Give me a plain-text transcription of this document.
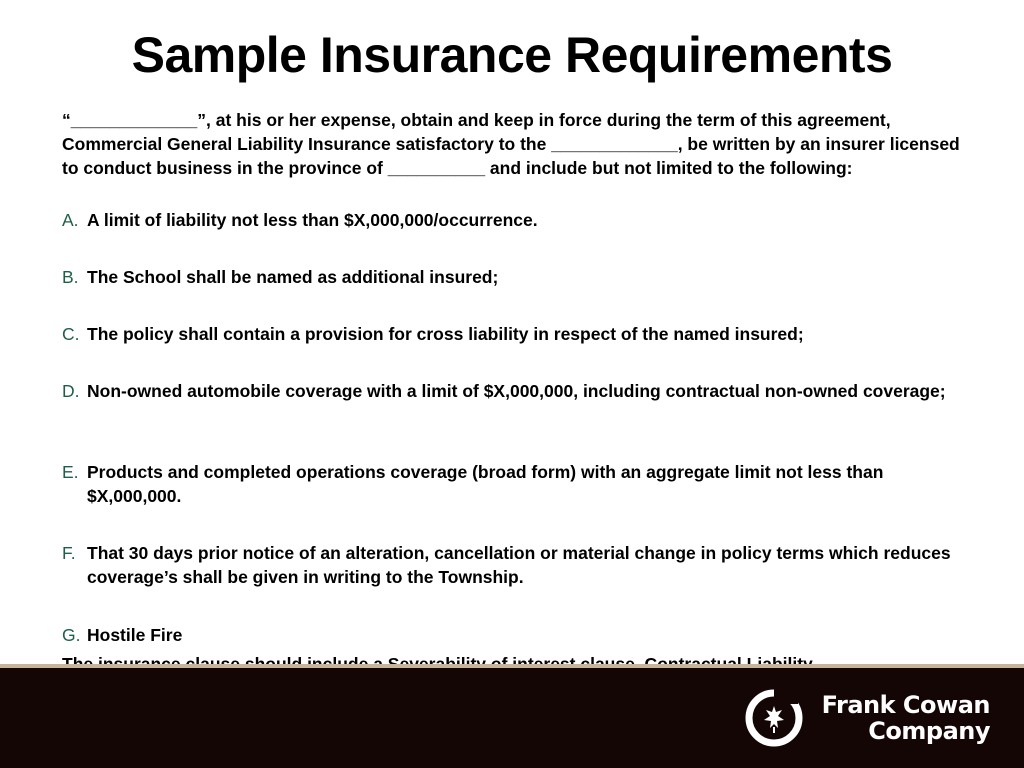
Sample Insurance Requirements
“_____________”, at his or her expense, obtain and keep in force during the term of this agreement, Commercial General Liability Insurance satisfactory to the _____________, be written by an insurer licensed to conduct business in the province of __________ and include but not limited to the following:
A. A limit of liability not less than $X,000,000/occurrence.
B. The School shall be named as additional insured;
C. The policy shall contain a provision for cross liability in respect of the named insured;
D. Non-owned automobile coverage with a limit of $X,000,000, including contractual non-owned coverage;
E. Products and completed operations coverage (broad form) with an aggregate limit not less than $X,000,000.
F. That 30 days prior notice of an alteration, cancellation or material change in policy terms which reduces coverage’s shall be given in writing to the Township.
G. Hostile Fire
Frank Cowan
Company
